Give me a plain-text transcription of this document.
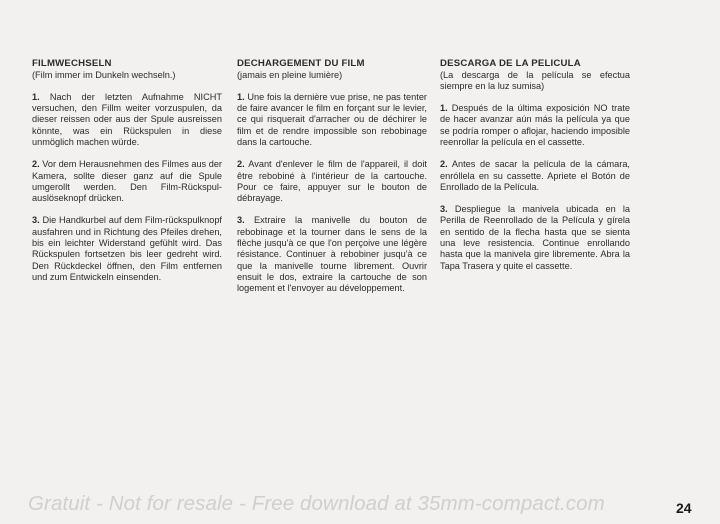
FILMWECHSELN
(Film immer im Dunkeln wechseln.)

1. Nach der letzten Aufnahme NICHT versuchen, den Fillm weiter vorzuspulen, da dieser reissen oder aus der Spule ausreissen könnte, was ein Rückspulen in diese unmöglich machen würde.

2. Vor dem Herausnehmen des Filmes aus der Kamera, sollte dieser ganz auf die Spule umgerollt werden. Den Film-Rückspul-auslöseknopf drücken.

3. Die Handkurbel auf dem Film-rückspulknopf ausfahren und in Richtung des Pfeiles drehen, bis ein leichter Widerstand gefühlt wird. Das Rückspulen fortsetzen bis leer gedreht wird. Den Rückdeckel öffnen, den Film entfernen und zum Entwickeln einsenden.

DECHARGEMENT DU FILM
(jamais en pleine lumière)

1. Une fois la dernière vue prise, ne pas tenter de faire avancer le film en forçant sur le levier, ce qui risquerait d'arracher ou de déchirer le film et de rendre impossible son rebobinage dans la cartouche.

2. Avant d'enlever le film de l'appareil, il doit être rebobiné à l'intérieur de la cartouche. Pour ce faire, appuyer sur le bouton de débrayage.

3. Extraire la manivelle du bouton de rebobinage et la tourner dans le sens de la flèche jusqu'à ce que l'on perçoive une légère résistance. Continuer à rebobiner jusqu'à ce que la manivelle tourne librement. Ouvrir ensuit le dos, extraire la cartouche de son logement et l'envoyer au développement.

DESCARGA DE LA PELICULA
(La descarga de la película se efectua siempre en la luz sumisa)

1. Después de la última exposición NO trate de hacer avanzar aún más la película ya que se podría romper o aflojar, haciendo imposible reenrollar la película en el cassette.

2. Antes de sacar la película de la cámara, enróllela en su cassette. Apriete el Botón de Enrollado de la Película.

3. Despliegue la manivela ubicada en la Perilla de Reenrollado de la Película y gírela en sentido de la flecha hasta que se sienta una leve resistencia. Continue enrollando hasta que la manivela gire libremente. Abra la Tapa Trasera y quite el cassette.

Gratuit - Not for resale - Free download at 35mm-compact.com	24
